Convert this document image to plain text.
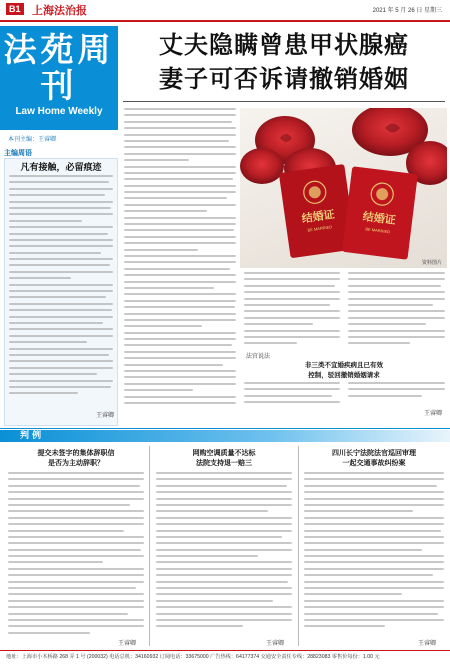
B1 上海法治报	2021 年 5 月 26 日 星期三
法苑周刊
Law Home Weekly
本刊主编：王睿卿
丈夫隐瞒曾患甲状腺癌
妻子可否诉请撤销婚姻
主编周语
凡有接触，必留痕迹
王睿卿
结婚证
BE MARRIED
结婚证
BE MARRIED
资料图片
法官说法
非三类不宜婚疾病且已有效
控制，驳回撤销婚姻请求
王睿卿
判 例
提交未签字的集体辞职信
是否为主动辞职？
王睿卿
网购空调质量不达标
法院支持退一赔三
王睿卿
四川长宁法院法官巡回审理
一起交通事故纠纷案
王睿卿
地址：上海市小木桥路 268 弄 1 号 (200032) 电话总机：34160932 订阅电话：33675000 广告热线：64177374 交通安全责任专线：28823083 零售价每份：1.00 元
